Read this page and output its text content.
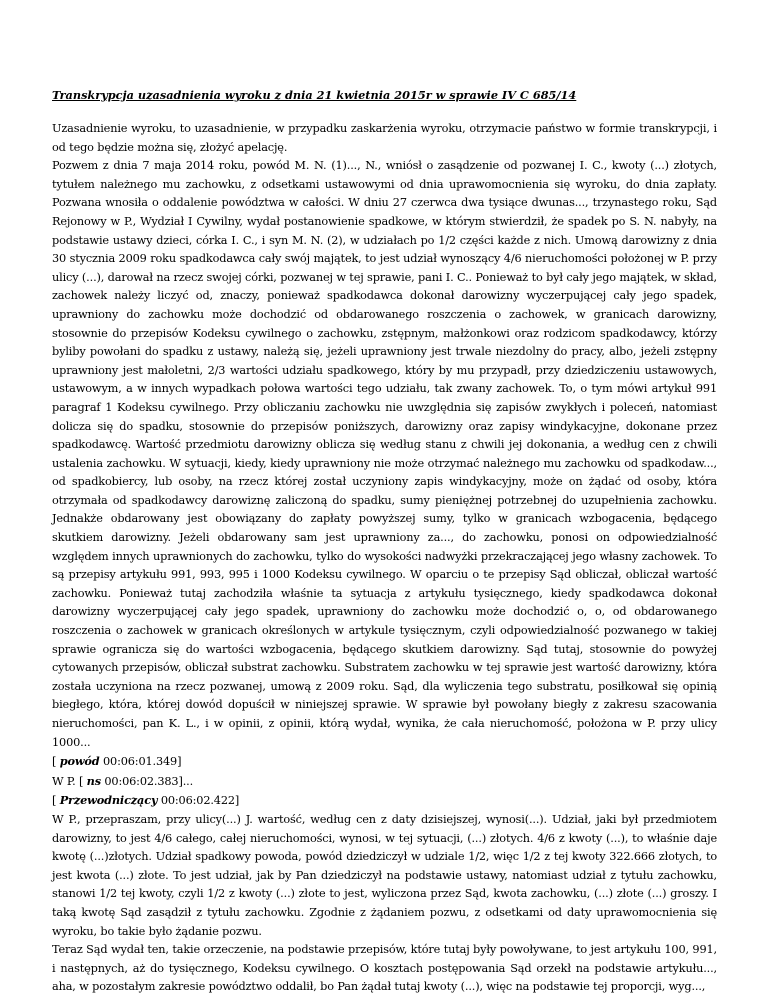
Transkrypcja uzasadnienia wyroku z dnia 21 kwietnia 2015r w sprawie IV C 685/14

Uzasadnienie wyroku, to uzasadnienie, w przypadku zaskarżenia wyroku, otrzymacie państwo w formie transkrypcji, i od tego będzie można się, złożyć apelację.

Pozwem z dnia 7 maja 2014 roku, powód M. N. (1)..., N., wniósł o zasądzenie od pozwanej I. C., kwoty (...) złotych, tytułem należnego mu zachowku, z odsetkami ustawowymi od dnia uprawomocnienia się wyroku, do dnia zapłaty. Pozwana wnosiła o oddalenie powództwa w całości. W dniu 27 czerwca dwa tysiące dwunas..., trzynastego roku, Sąd Rejonowy w P., Wydział I Cywilny, wydał postanowienie spadkowe, w którym stwierdził, że spadek po S. N. nabyły, na podstawie ustawy dzieci, córka I. C., i syn M. N. (2), w udziałach po 1/2 części każde z nich. Umową darowizny z dnia 30 stycznia 2009 roku spadkodawca cały swój majątek, to jest udział wynoszący 4/6 nieruchomości położonej w P. przy ulicy (...), darował na rzecz swojej córki, pozwanej w tej sprawie, pani I. C.. Ponieważ to był cały jego majątek, w skład, zachowek należy liczyć od, znaczy, ponieważ spadkodawca dokonał darowizny wyczerpującej cały jego spadek, uprawniony do zachowku może dochodzić od obdarowanego roszczenia o zachowek, w granicach darowizny, stosownie do przepisów Kodeksu cywilnego o zachowku, zstępnym, małżonkowi oraz rodzicom spadkodawcy, którzy byliby powołani do spadku z ustawy, należą się, jeżeli uprawniony jest trwale niezdolny do pracy, albo, jeżeli zstępny uprawniony jest małoletni, 2/3 wartości udziału spadkowego, który by mu przypadł, przy dziedziczeniu ustawowych, ustawowym, a w innych wypadkach połowa wartości tego udziału, tak zwany zachowek. To, o tym mówi artykuł 991 paragraf 1 Kodeksu cywilnego. Przy obliczaniu zachowku nie uwzględnia się zapisów zwykłych i poleceń, natomiast dolicza się do spadku, stosownie do przepisów poniższych, darowizny oraz zapisy windykacyjne, dokonane przez spadkodawcę. Wartość przedmiotu darowizny oblicza się według stanu z chwili jej dokonania, a według cen z chwili ustalenia zachowku. W sytuacji, kiedy, kiedy uprawniony nie może otrzymać należnego mu zachowku od spadkodaw..., od spadkobiercy, lub osoby, na rzecz której został uczyniony zapis windykacyjny, może on żądać od osoby, która otrzymała od spadkodawcy darowiznę zaliczoną do spadku, sumy pieniężnej potrzebnej do uzupełnienia zachowku. Jednakże obdarowany jest obowiązany do zapłaty powyższej sumy, tylko w granicach wzbogacenia, będącego skutkiem darowizny. Jeżeli obdarowany sam jest uprawniony za..., do zachowku, ponosi on odpowiedzialność względem innych uprawnionych do zachowku, tylko do wysokości nadwyżki przekraczającej jego własny zachowek. To są przepisy artykułu 991, 993, 995 i 1000 Kodeksu cywilnego. W oparciu o te przepisy Sąd obliczał, obliczał wartość zachowku. Ponieważ tutaj zachodziła właśnie ta sytuacja z artykułu tysięcznego, kiedy spadkodawca dokonał darowizny wyczerpującej cały jego spadek, uprawniony do zachowku może dochodzić o, o, od obdarowanego roszczenia o zachowek w granicach określonych w artykule tysięcznym, czyli odpowiedzialność pozwanego w takiej sprawie ogranicza się do wartości wzbogacenia, będącego skutkiem darowizny. Sąd tutaj, stosownie do powyżej cytowanych przepisów, obliczał substrat zachowku. Substratem zachowku w tej sprawie jest wartość darowizny, która została uczyniona na rzecz pozwanej, umową z 2009 roku. Sąd, dla wyliczenia tego substratu, posiłkował się opinią biegłego, która, której dowód dopuścił w niniejszej sprawie. W sprawie był powołany biegły z zakresu szacowania nieruchomości, pan K. L., i w opinii, z opinii, którą wydał, wynika, że cała nieruchomość, położona w P. przy ulicy 1000...

[ powód 00:06:01.349]

W P. [ ns 00:06:02.383]...

[ Przewodniczący 00:06:02.422]

W P., przepraszam, przy ulicy(...) J. wartość, według cen z daty dzisiejszej, wynosi(...). Udział, jaki był przedmiotem darowizny, to jest 4/6 całego, całej nieruchomości, wynosi, w tej sytuacji, (...) złotych. 4/6 z kwoty (...), to właśnie daje kwotę (...)złotych. Udział spadkowy powoda, powód dziedziczył w udziale 1/2, więc 1/2 z tej kwoty 322.666 złotych, to jest kwota (...) złote. To jest udział, jak by Pan dziedziczył na podstawie ustawy, natomiast udział z tytułu zachowku, stanowi 1/2 tej kwoty, czyli 1/2 z kwoty (...) złote to jest, wyliczona przez Sąd, kwota zachowku, (...) złote (...) groszy. I taką kwotę Sąd zasądził z tytułu zachowku. Zgodnie z żądaniem pozwu, z odsetkami od daty uprawomocnienia się wyroku, bo takie było żądanie pozwu.

Teraz Sąd wydał ten, takie orzeczenie, na podstawie przepisów, które tutaj były powoływane, to jest artykułu 100, 991, i następnych, aż do tysięcznego, Kodeksu cywilnego. O kosztach postępowania Sąd orzekł na podstawie artykułu..., aha, w pozostałym zakresie powództwo oddalił, bo Pan żądał tutaj kwoty (...), więc na podstawie tej proporcji, wyg...,
